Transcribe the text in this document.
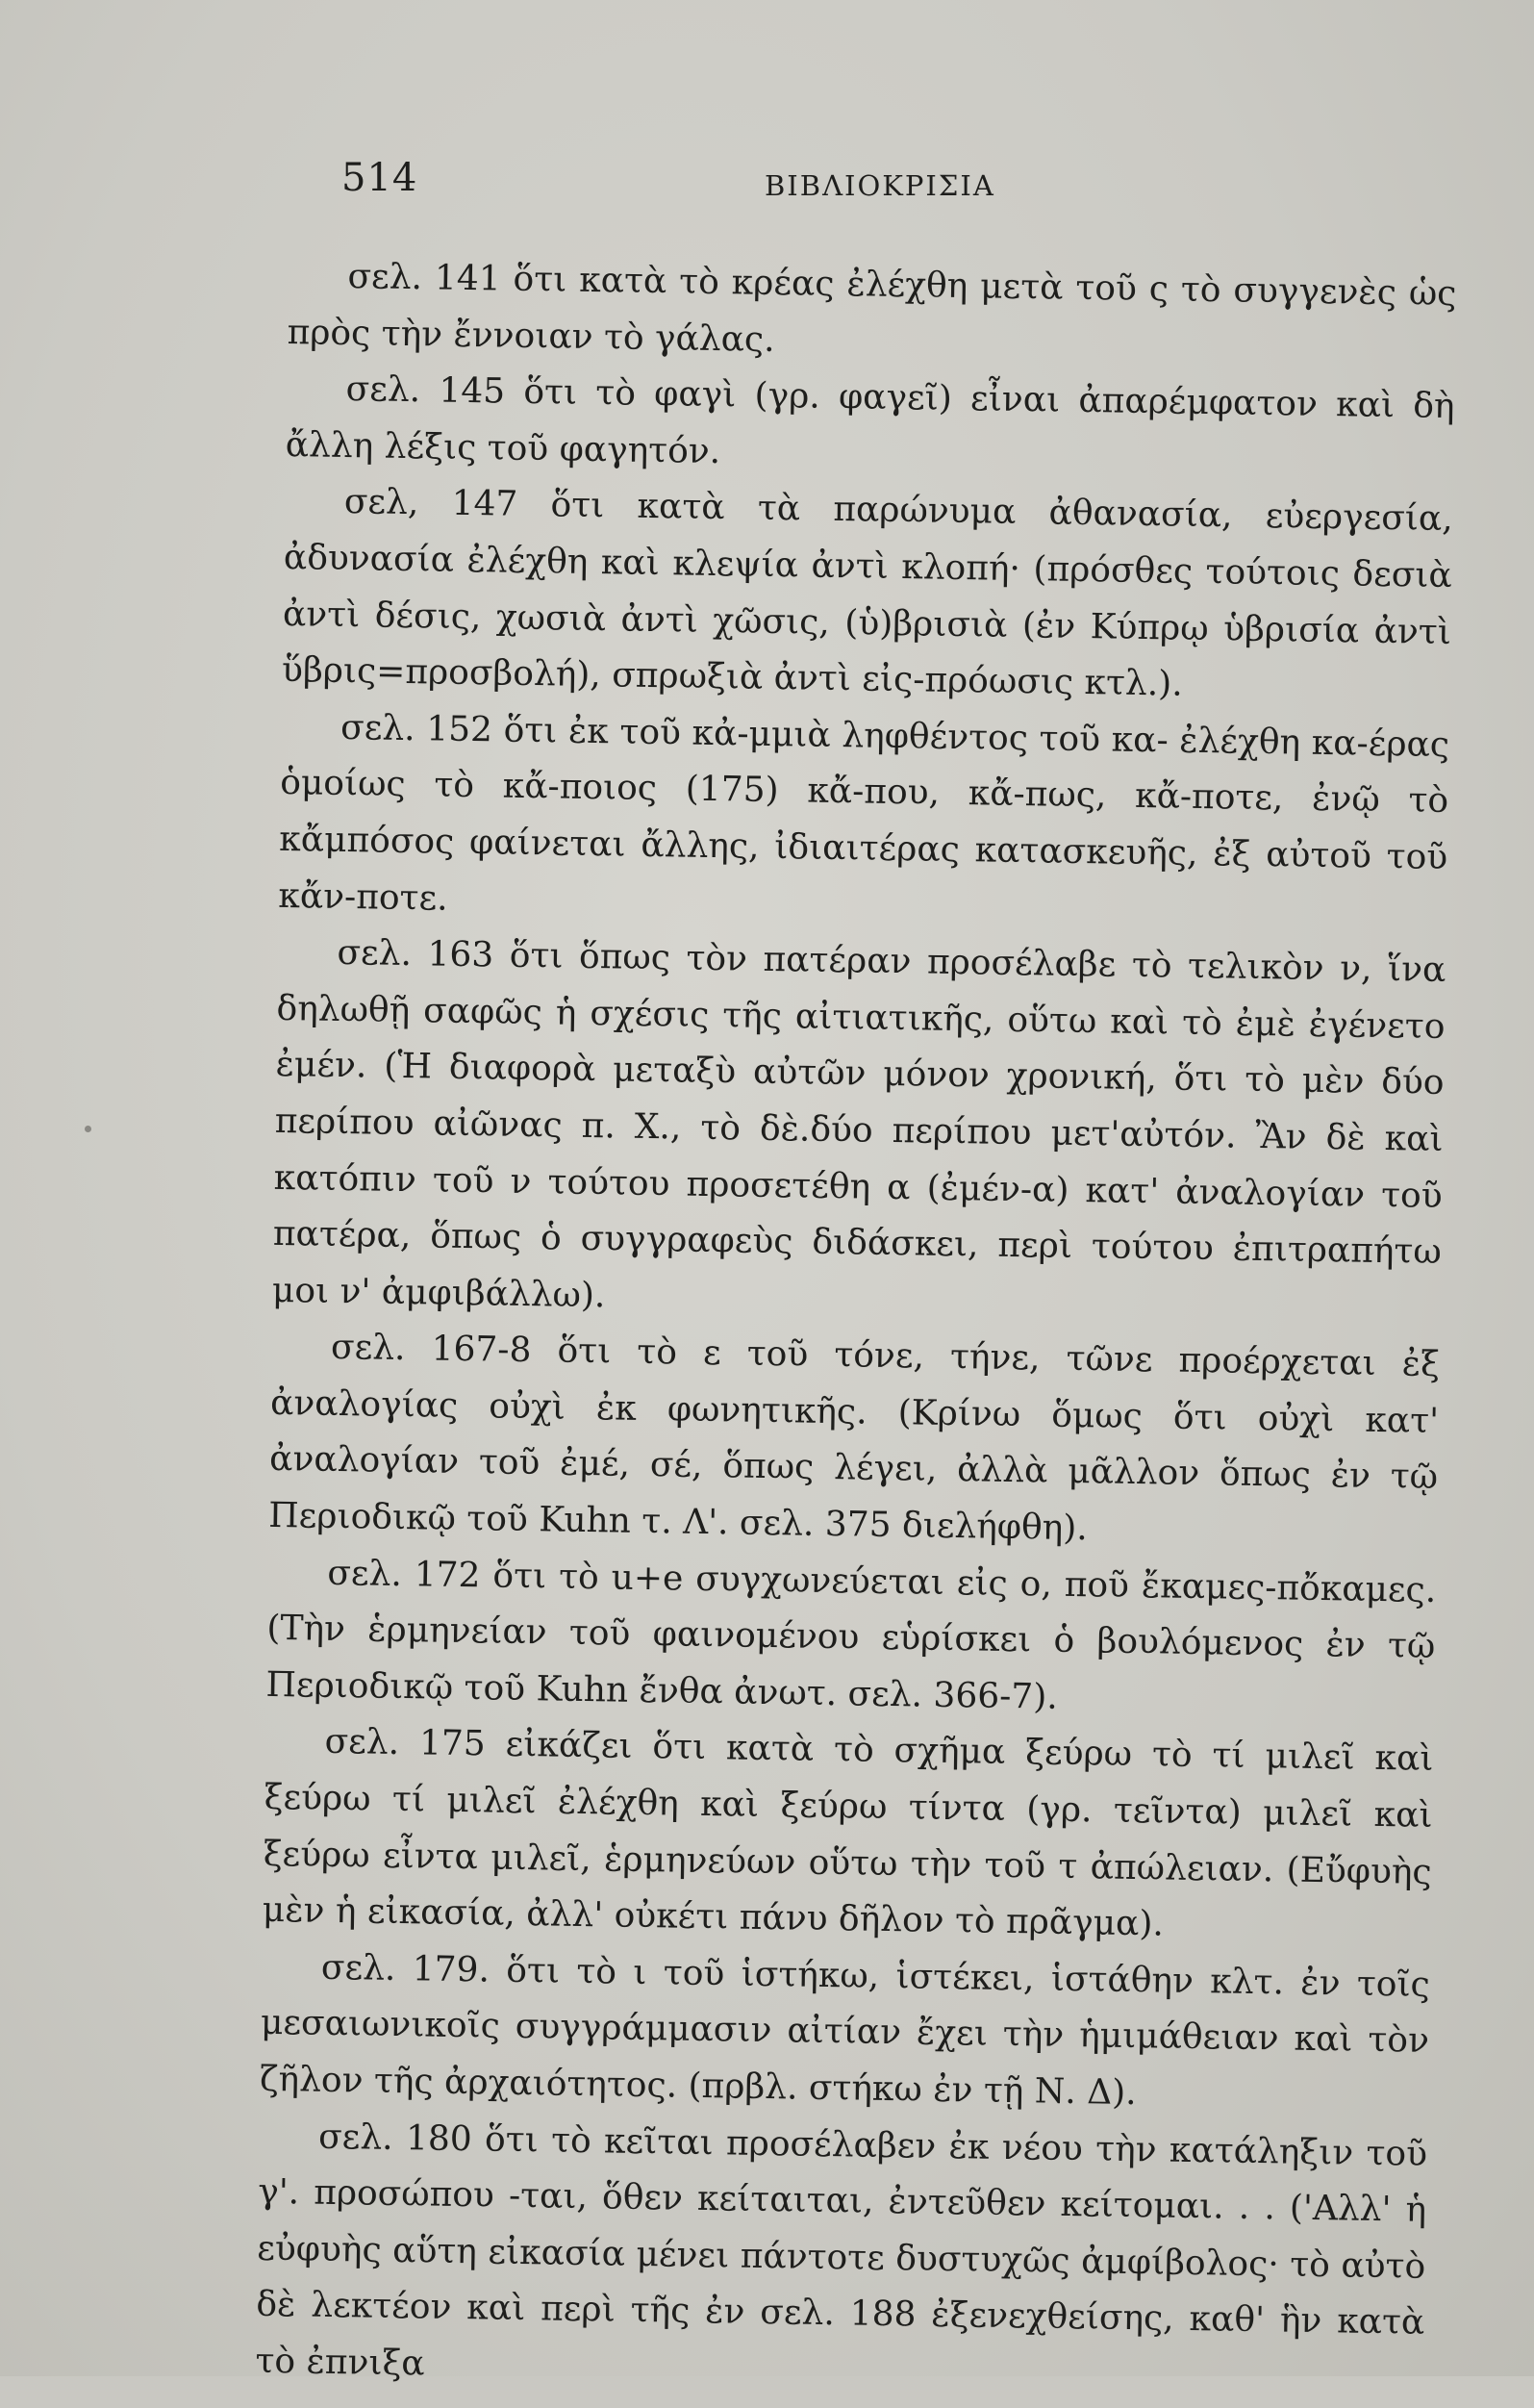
514	ΒΙΒΛΙΟΚΡΙΣΙΑ

σελ. 141 ὅτι κατὰ τὸ κρέας ἐλέχθη μετὰ τοῦ ς τὸ συγγενὲς ὡς πρὸς τὴν ἔννοιαν τὸ γάλας.

σελ. 145 ὅτι τὸ φαγὶ (γρ. φαγεῖ) εἶναι ἀπαρέμφατον καὶ δὴ ἄλλη λέξις τοῦ φαγητόν.

σελ, 147 ὅτι κατὰ τὰ παρώνυμα ἀθανασία, εὐεργεσία, ἀδυνασία ἐλέχθη καὶ κλεψία ἀντὶ κλοπή· (πρόσθες τούτοις δεσιὰ ἀντὶ δέσις, χωσιὰ ἀντὶ χῶσις, (ὑ)βρισιὰ (ἐν Κύπρῳ ὑβρισία ἀντὶ ὕβρις=προσβολή), σπρωξιὰ ἀντὶ εἰς-πρόωσις κτλ.).

σελ. 152 ὅτι ἐκ τοῦ κἀ-μμιὰ ληφθέντος τοῦ κα- ἐλέχθη κα-έρας ὁμοίως τὸ κἄ-ποιος (175) κἄ-που, κἄ-πως, κἄ-ποτε, ἐνῷ τὸ κἄμπόσος φαίνεται ἄλλης, ἰδιαιτέρας κατασκευῆς, ἐξ αὐτοῦ τοῦ κἄν-ποτε.

σελ. 163 ὅτι ὅπως τὸν πατέραν προσέλαβε τὸ τελικὸν ν, ἵνα δηλωθῇ σαφῶς ἡ σχέσις τῆς αἰτιατικῆς, οὕτω καὶ τὸ ἐμὲ ἐγένετο ἐμέν. (Ἡ διαφορὰ μεταξὺ αὐτῶν μόνον χρονική, ὅτι τὸ μὲν δύο περίπου αἰῶνας π. Χ., τὸ δὲ.δύο περίπου μετ'αὐτόν. Ἂν δὲ καὶ κατόπιν τοῦ ν τούτου προσετέθη α (ἐμέν-α) κατ' ἀναλογίαν τοῦ πατέρα, ὅπως ὁ συγγραφεὺς διδάσκει, περὶ τούτου ἐπιτραπήτω μοι ν' ἀμφιβάλλω).

σελ. 167-8 ὅτι τὸ ε τοῦ τόνε, τήνε, τῶνε προέρχεται ἐξ ἀναλογίας οὐχὶ ἐκ φωνητικῆς. (Κρίνω ὅμως ὅτι οὐχὶ κατ' ἀναλογίαν τοῦ ἐμέ, σέ, ὅπως λέγει, ἀλλὰ μᾶλλον ὅπως ἐν τῷ Περιοδικῷ τοῦ Kuhn τ. Λ'. σελ. 375 διελήφθη).

σελ. 172 ὅτι τὸ u+e συγχωνεύεται εἰς ο, ποῦ ἔκαμες-πὄκαμες. (Τὴν ἑρμηνείαν τοῦ φαινομένου εὑρίσκει ὁ βουλόμενος ἐν τῷ Περιοδικῷ τοῦ Kuhn ἔνθα ἀνωτ. σελ. 366-7).

σελ. 175 εἰκάζει ὅτι κατὰ τὸ σχῆμα ξεύρω τὸ τί μιλεῖ καὶ ξεύρω τί μιλεῖ ἐλέχθη καὶ ξεύρω τίντα (γρ. τεῖντα) μιλεῖ καὶ ξεύρω εἶντα μιλεῖ, ἑρμηνεύων οὕτω τὴν τοῦ τ ἀπώλειαν. (Εὔφυὴς μὲν ἡ εἰκασία, ἀλλ' οὐκέτι πάνυ δῆλον τὸ πρᾶγμα).

σελ. 179. ὅτι τὸ ι τοῦ ἱστήκω, ἱστέκει, ἱστάθην κλτ. ἐν τοῖς μεσαιωνικοῖς συγγράμμασιν αἰτίαν ἔχει τὴν ἡμιμάθειαν καὶ τὸν ζῆλον τῆς ἀρχαιότητος. (πρβλ. στήκω ἐν τῇ Ν. Δ).

σελ. 180 ὅτι τὸ κεῖται προσέλαβεν ἐκ νέου τὴν κατάληξιν τοῦ γ'. προσώπου -ται, ὅθεν κείταιται, ἐντεῦθεν κείτομαι. . . ('Αλλ' ἡ εὐφυὴς αὕτη εἰκασία μένει πάντοτε δυστυχῶς ἀμφίβολος· τὸ αὐτὸ δὲ λεκτέον καὶ περὶ τῆς ἐν σελ. 188 ἐξενεχθείσης, καθ' ἣν κατὰ τὸ ἐπνιξα
